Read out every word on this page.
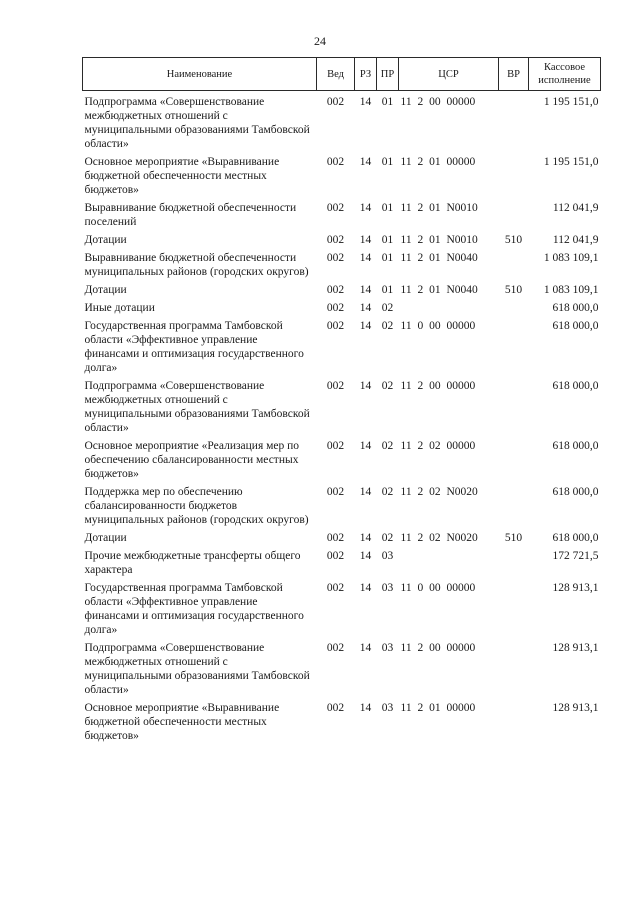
24
Наименование	Вед	РЗ	ПР	ЦСР	ВР	Кассовое исполнение
Подпрограмма «Совершенствование межбюджетных отношений с муниципальными образованиями Тамбовской области»	002	14	01	11 2 00 00000		1 195 151,0
Основное мероприятие «Выравнивание бюджетной обеспеченности местных бюджетов»	002	14	01	11 2 01 00000		1 195 151,0
Выравнивание бюджетной обеспеченности поселений	002	14	01	11 2 01 N0010		112 041,9
Дотации	002	14	01	11 2 01 N0010	510	112 041,9
Выравнивание бюджетной обеспеченности муниципальных районов (городских округов)	002	14	01	11 2 01 N0040		1 083 109,1
Дотации	002	14	01	11 2 01 N0040	510	1 083 109,1
Иные дотации	002	14	02			618 000,0
Государственная программа Тамбовской области «Эффективное управление финансами и оптимизация государственного долга»	002	14	02	11 0 00 00000		618 000,0
Подпрограмма «Совершенствование межбюджетных отношений с муниципальными образованиями Тамбовской области»	002	14	02	11 2 00 00000		618 000,0
Основное мероприятие «Реализация мер по обеспечению сбалансированности местных бюджетов»	002	14	02	11 2 02 00000		618 000,0
Поддержка мер по обеспечению сбалансированности бюджетов муниципальных районов (городских округов)	002	14	02	11 2 02 N0020		618 000,0
Дотации	002	14	02	11 2 02 N0020	510	618 000,0
Прочие межбюджетные трансферты общего характера	002	14	03			172 721,5
Государственная программа Тамбовской области «Эффективное управление финансами и оптимизация государственного долга»	002	14	03	11 0 00 00000		128 913,1
Подпрограмма «Совершенствование межбюджетных отношений с муниципальными образованиями Тамбовской области»	002	14	03	11 2 00 00000		128 913,1
Основное мероприятие «Выравнивание бюджетной обеспеченности местных бюджетов»	002	14	03	11 2 01 00000		128 913,1
